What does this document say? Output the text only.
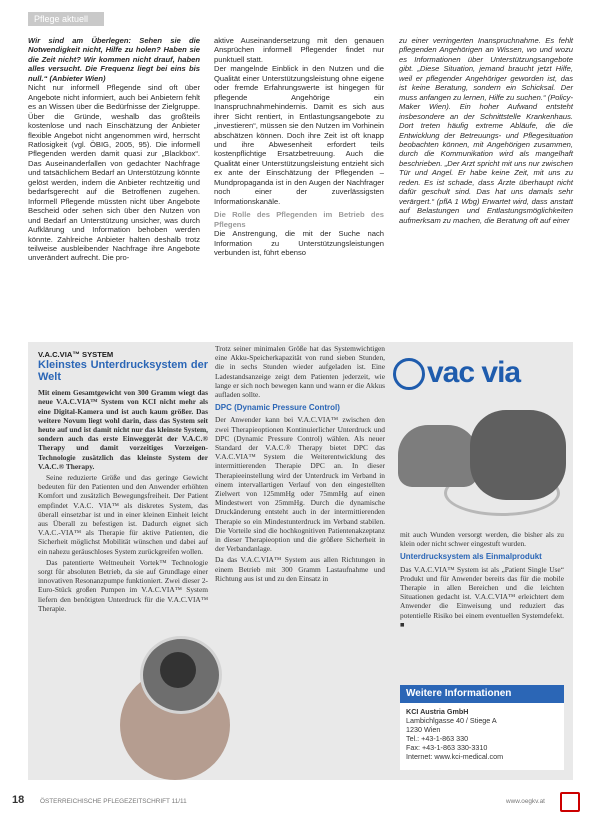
Pflege aktuell

Wir sind am Überlegen: Sehen sie die Notwendigkeit nicht, Hilfe zu holen? Haben sie die Zeit nicht? Wir kommen nicht drauf, haben alles versucht. Die Frequenz liegt bei eins bis null.“ (Anbieter Wien)

Nicht nur informell Pflegende sind oft über Angebote nicht informiert, auch bei Anbietern fehlt es an Wissen über die Bedürfnisse der Zielgruppe. Über die Gründe, weshalb das großteils kostenlose und nach Einschätzung der Anbieter flexible Angebot nicht angenommen wird, herrscht Ratlosigkeit (vgl. ÖBIG, 2005, 95). Die informell Pflegenden werden damit quasi zur „Blackbox“. Das Auseinanderfallen von gedachter Nachfrage und tatsächlichem Bedarf an Unterstützung könnte gelöst werden, indem die Anbieter rechtzeitig und bedarfsgerecht auf die Betroffenen zugehen. Informell Pflegende müssten nicht über Angebote Bescheid oder sehen sich über den Nutzen von und Bedarf an Unterstützung unsicher, was durch Aufklärung und Information behoben werden könnte. Zahlreiche Anbieter halten deshalb trotz teilweise ausbleibender Nachfrage ihre Angebote unverändert aufrecht. Die pro-

aktive Auseinandersetzung mit den genauen Ansprüchen informell Pflegender findet nur punktuell statt.

Der mangelnde Einblick in den Nutzen und die Qualität einer Unterstützungsleistung ohne eigene oder fremde Erfahrungswerte ist hingegen für pflegende Angehörige ein Inanspruchnahmehindernis. Damit es sich aus ihrer Sicht rentiert, in Entlastungsangebote zu „investieren“, müssen sie den Nutzen im Vorhinein abschätzen können. Doch ihre Zeit ist oft knapp und ihre Abwesenheit erfordert teils kostenpflichtige Ersatzbetreuung. Auch die Qualität einer Unterstützungsleistung entzieht sich ex ante der Einschätzung der Pflegenden – Mundpropaganda ist in den Augen der Nachfrager noch einer der zuverlässigsten Informationskanäle.

Die Rolle des Pflegenden im Betrieb des Pflegens

Die Anstrengung, die mit der Suche nach Information zu Unterstützungsleistungen verbunden ist, führt ebenso

zu einer verringerten Inanspruchnahme. Es fehlt pflegenden Angehörigen an Wissen, wo und wozu es Informationen über Unterstützungsangebote gibt. „Diese Situation, jemand braucht jetzt Hilfe, weil er pflegender Angehöriger geworden ist, das ist keine Beratung, sondern ein Schicksal. Der muss anfangen zu lernen, Hilfe zu suchen.“ (Policy-Maker Wien). Ein hoher Aufwand entsteht insbesondere an der Schnittstelle Krankenhaus. Dort treten häufig extreme Abläufe, die die Entwicklung der Betreuungs- und Pflegesituation beobachten können, mit Angehörigen zusammen, durch die Kommunikation wird als mangelhaft beschrieben. „Der Arzt spricht mit uns nur zwischen Tür und Angel. Er habe keine Zeit, mit uns zu reden. Es ist schade, dass Ärzte überhaupt nicht dafür geschult sind. Das hat uns damals sehr verärgert.“ (pflA 1 Wbg) Erwartet wird, dass anstatt auf Belastungen und Entlastungsmöglichkeiten aufmerksam zu machen, die Beratung oft auf einer

V.A.C.VIA™ SYSTEM

Kleinstes Unterdrucksystem der Welt

Mit einem Gesamtgewicht von 300 Gramm wiegt das neue V.A.C.VIA™ System von KCI nicht mehr als eine Digital-Kamera und ist auch kaum größer. Das weitere Novum liegt wohl darin, dass das System seit heute auf und ist damit nicht nur das kleinste System, sondern auch das erste Einweggerät der V.A.C.® Therapy und damit vorzeitiges Vorzeigen-Technologie zusätzlich das kleinste System der V.A.C.® Therapy.

Seine reduzierte Größe und das geringe Gewicht bedeuten für den Patienten und den Anwender erhöhten Komfort und zusätzlich Bewegungsfreiheit. Der Patient empfindet V.A.C. VIA™ als diskretes System, das überall einsetzbar ist und in einer kleinen Einheit leicht aus Überall zu befestigen ist. Dadurch eignet sich V.A.C.-VIA™ als Therapie für aktive Patienten, die Sicherheit möglichst Mobilität wünschen und dabei auf ein nahezu geräuschloses System zurückgreifen wollen.

Das patentierte Weltneuheit Vortek™ Technologie sorgt für absoluten Betrieb, da sie auf Grundlage einer innovativen Resonanzpumpe funktioniert. Zwei dieser 2-Euro-Stück großen Pumpen im V.A.C.VIA™ System liefern den benötigten Unterdruck für die V.A.C.VIA™ Therapie.

Trotz seiner minimalen Größe hat das Systemwichtigen eine Akku-Speicherkapazität von rund sieben Stunden, die in sechs Stunden wieder aufgeladen ist. Eine Ladestandsanzeige zeigt dem Patienten jederzeit, wie lange er sich noch bewegen kann und wann er die Akkus aufladen sollte.

DPC (Dynamic Pressure Control)

Der Anwender kann bei V.A.C.VIA™ zwischen den zwei Therapieoptionen Kontinuierlicher Unterdruck und DPC (Dynamic Pressure Control) wählen. Als neuer Standard der V.A.C.® Therapy bietet DPC das V.A.C.VIA™ System die Weiterentwicklung des intermittierenden Therapie DPC an. In dieser Therapieeinstellung wird der Unterdruck im Verband in einem intervallartigen Verlauf von den eingestellten Zielwert von 125mmHg oder 75mmHg auf einen Mindestwert von 25mmHg. Durch die dynamische Druckänderung entsteht auch in der intermittierenden Therapie so ein Mindestunterdruck im Verband stabilen. Die Vorteile sind die hochkognitiven Patientenakzeptanz in dieser Therapieoption und die größere Sicherheit in der Verbandanlage.

Da das V.A.C.VIA™ System aus allen Richtungen in einem Betrieb mit 300 Gramm Lastaufnahme und Richtung aus ist und zu den Einsatz in

vac via

mit auch Wunden versorgt werden, die bisher als zu klein oder nicht schwer eingestuft wurden.

Unterdrucksystem als Einmalprodukt

Das V.A.C.VIA™ System ist als „Patient Single Use“ Produkt und für Anwender bereits das für die mobile Therapie in allen Bereichen und die leichten Situationen gedacht ist. V.A.C.VIA™ erleichtert dem Anwender die Einweisung und reduziert das potentielle Risiko bei einem eventuellen Systemdefekt. ■

Weitere Informationen
KCI Austria GmbH
Lambichlgasse 40 / Stiege A
1230 Wien
Tel.: +43-1-863 330
Fax: +43-1-863 330-3310
Internet: www.kci-medical.com
18 ÖSTERREICHISCHE PFLEGEZEITSCHRIFT 11/11	www.oegkv.at
